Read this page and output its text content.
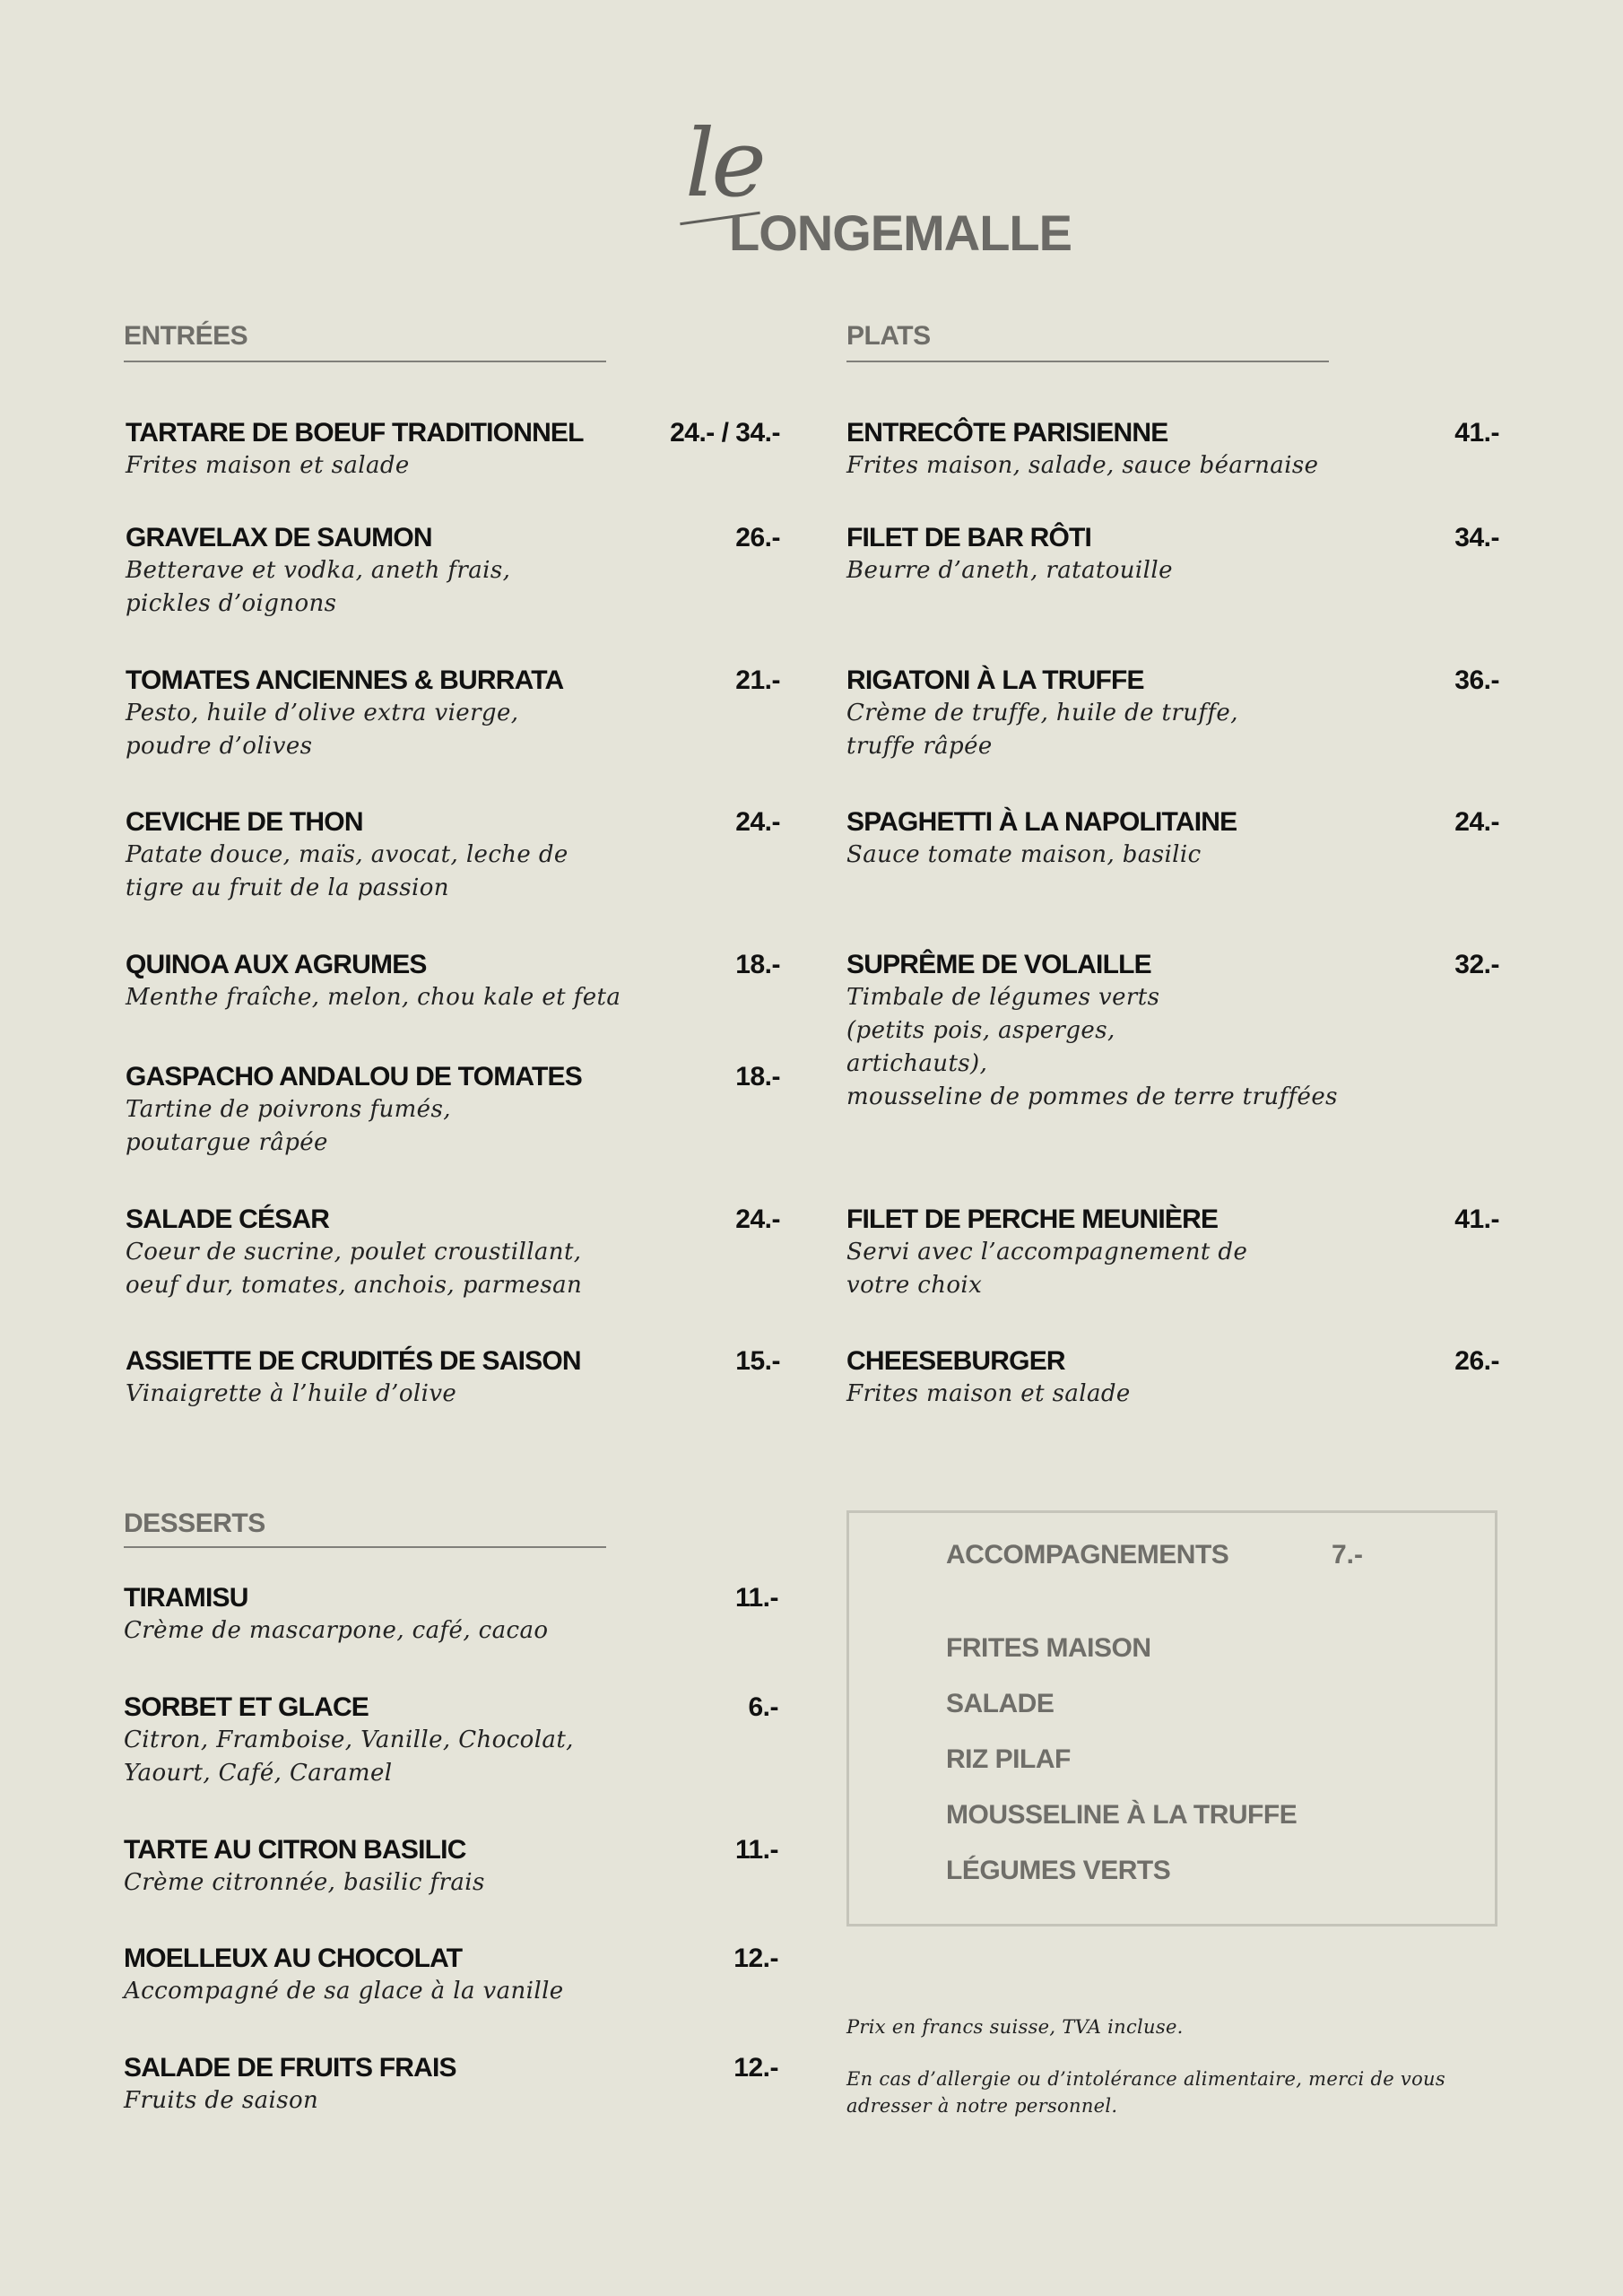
le
LONGEMALLE
ENTRÉES
TARTARE DE BOEUF TRADITIONNEL	24.- / 34.-
Frites maison et salade
GRAVELAX DE SAUMON	26.-
Betterave et vodka, aneth frais,
pickles d’oignons
TOMATES ANCIENNES & BURRATA	21.-
Pesto, huile d’olive extra vierge,
poudre d’olives
CEVICHE DE THON	24.-
Patate douce, maïs, avocat, leche de
tigre au fruit de la passion
QUINOA AUX AGRUMES	18.-
Menthe fraîche, melon, chou kale et feta
GASPACHO ANDALOU DE TOMATES	18.-
Tartine de poivrons fumés,
poutargue râpée
SALADE CÉSAR	24.-
Coeur de sucrine, poulet croustillant,
oeuf dur, tomates, anchois, parmesan
ASSIETTE DE CRUDITÉS DE SAISON	15.-
Vinaigrette à l’huile d’olive
PLATS
ENTRECÔTE PARISIENNE	41.-
Frites maison, salade, sauce béarnaise
FILET DE BAR RÔTI	34.-
Beurre d’aneth, ratatouille
RIGATONI À LA TRUFFE	36.-
Crème de truffe, huile de truffe,
truffe râpée
SPAGHETTI À LA NAPOLITAINE	24.-
Sauce tomate maison, basilic
SUPRÊME DE VOLAILLE	32.-
Timbale de légumes verts
(petits pois, asperges,
artichauts),
mousseline de pommes de terre truffées
FILET DE PERCHE MEUNIÈRE	41.-
Servi avec l’accompagnement de
votre choix
CHEESEBURGER	26.-
Frites maison et salade
DESSERTS
TIRAMISU	11.-
Crème de mascarpone, café, cacao
SORBET ET GLACE	6.-
Citron, Framboise, Vanille, Chocolat,
Yaourt, Café, Caramel
TARTE AU CITRON BASILIC	11.-
Crème citronnée, basilic frais
MOELLEUX AU CHOCOLAT	12.-
Accompagné de sa glace à la vanille
SALADE DE FRUITS FRAIS	12.-
Fruits de saison
ACCOMPAGNEMENTS	7.-
FRITES MAISON
SALADE
RIZ PILAF
MOUSSELINE À LA TRUFFE
LÉGUMES VERTS
Prix en francs suisse, TVA incluse.
En cas d’allergie ou d’intolérance alimentaire, merci de vous
adresser à notre personnel.
